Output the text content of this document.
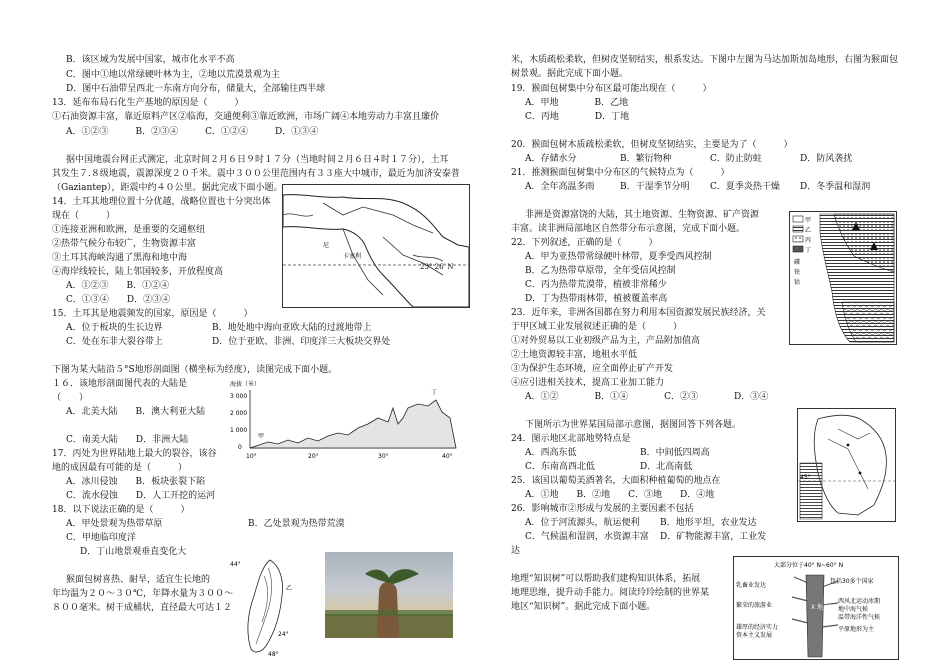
卡塞利
尼
23° 26′ N
海拔（米）
3 000
2 000
1 000
0
丁
甲
10°	20°	30°	40°
44°
乙
24°
48°
甲
乙
丙
丁
磷
铁
钴
45°
大部分位于40° N~60° N
乳畜业发达
繁荣的旅游业
雄厚的经济实力
资本主义发展
包括30多个国家
西风北运动冰期
地中海气候
温带海洋性气候
平原地形为主
X 地 区
B．该区域为发展中国家，城市化水平不高
C．图中①地以常绿硬叶林为主，②地以荒漠景观为主
D．图中石油带呈西北一东南方向分布，储量大，全部输往西半球
13．延布布局石化生产基地的原因是（　　　）
①石油资源丰富，靠近原料产区②临海，交通便利③靠近欧洲，市场广阔④本地劳动力丰富且廉价
A．①②③　　　B．②③④　　　C．①②④　　　D．①③④
据中国地震台网正式测定，北京时间２月６日９时１７分（当地时间２月６日４时１７分），土耳
其发生７.８级地震，震源深度２０千米。震中３００公里范围内有３３座大中城市，最近为加济安泰普
（Gaziantep），距震中约４０公里。据此完成下面小题。
14．土耳其地理位置十分优越，战略位置也十分突出体
现在（　　　）
①连接亚洲和欧洲，是重要的交通枢纽
②热带气候分布较广，生物资源丰富
③土耳其海峡沟通了黑海和地中海
④海岸线较长，陆上邻国较多，开放程度高
A．①②③　　B．①②④
C．①③④　　D．②③④
15．土耳其是地震频发的国家，原因是（　　　）
A．位于板块的生长边界	B．地处地中海向亚欧大陆的过渡地带上
C．处在东非大裂谷带上	D．位于亚欧、非洲、印度洋三大板块交界处
下图为某大陆沿５°S地形剖面图（横坐标为经度），读图完成下面小题。
１６．该地形剖面图代表的大陆是
（　　）
A．北美大陆　　B．澳大利亚大陆
C．南美大陆　　D．非洲大陆
17．丙处为世界陆地上最大的裂谷，该谷
地的成因最有可能的是（　　　）
A．冰川侵蚀　　B．板块张裂下陷
C．流水侵蚀　　D．人工开挖的运河
18．以下说法正确的是（　　　）
A．甲处景观为热带草原	B．乙处景观为热带荒漠
C．甲地临印度洋
D．丁山地景观垂直变化大
猴面包树喜热、耐旱，适宜生长地的
年均温为２０～３０℃，年降水量为３００～
８００毫米。树干成桶状，直径最大可达１２
米，木质疏松柔软，但树皮坚韧结实，根系发达。下图中左图为马达加斯加岛地形，右图为猴面包
树景观。据此完成下面小题。
19．猴面包树集中分布区最可能出现在（　　　）
A．甲地　　　　B．乙地
C．丙地　　　　D．丁地
20．猴面包树木质疏松柔软，但树皮坚韧结实，主要是为了（　　　）
A．存储水分	B．繁衍物种	C．防止防蛀	D．防风袭扰
21．推测猴面包树集中分布区的气候特点为（　　　）
A．全年高温多雨	B．干湿季节分明 C．夏季炎热干燥 D．冬季温和湿润
非洲是资源富饶的大陆，其土地资源、生物资源、矿产资源
丰富。读非洲局部地区自然带分布示意图，完成下面小题。
22．下列叙述，正确的是（　　　）
A．甲为亚热带常绿硬叶林带，夏季受西风控制
B．乙为热带草原带，全年受信风控制
C．丙为热带荒漠带，植被非常稀少
D．丁为热带雨林带，植被覆盖率高
23．近年来，非洲各国都在努力利用本国资源发展民族经济，关
于甲区域工业发展叙述正确的是（　　　）
①对外贸易以工业初级产品为主，产品附加值高
②土地资源较丰富，地租水平低
③为保护生态环境，应全面停止矿产开发
④应引进相关技术，提高工业加工能力
A．①②　　　　B．①④　　　　C．②③　　　　D．③④
下图所示为世界某国局部示意图，据图回答下列各题。
24．图示地区北部地势特点是
A．西高东低	B．中间低四周高
C．东南高西北低	D．北高南低
25．该国以葡萄美酒著名，大面积种植葡萄的地点在
A．①地　　B．②地　　C．③地　　D．④地
26．影响城市②形成与发展的主要因素不包括
A．位于河流源头，航运便利 B．地形平坦，农业发达
C．气候温和湿润，水资源丰富 D．矿物能源丰富，工业发
达
地理“知识树”可以帮助我们建构知识体系，拓展
地理思维，提升动手能力。阅读玲玲绘制的世界某
地区“知识树”。据此完成下面小题。
